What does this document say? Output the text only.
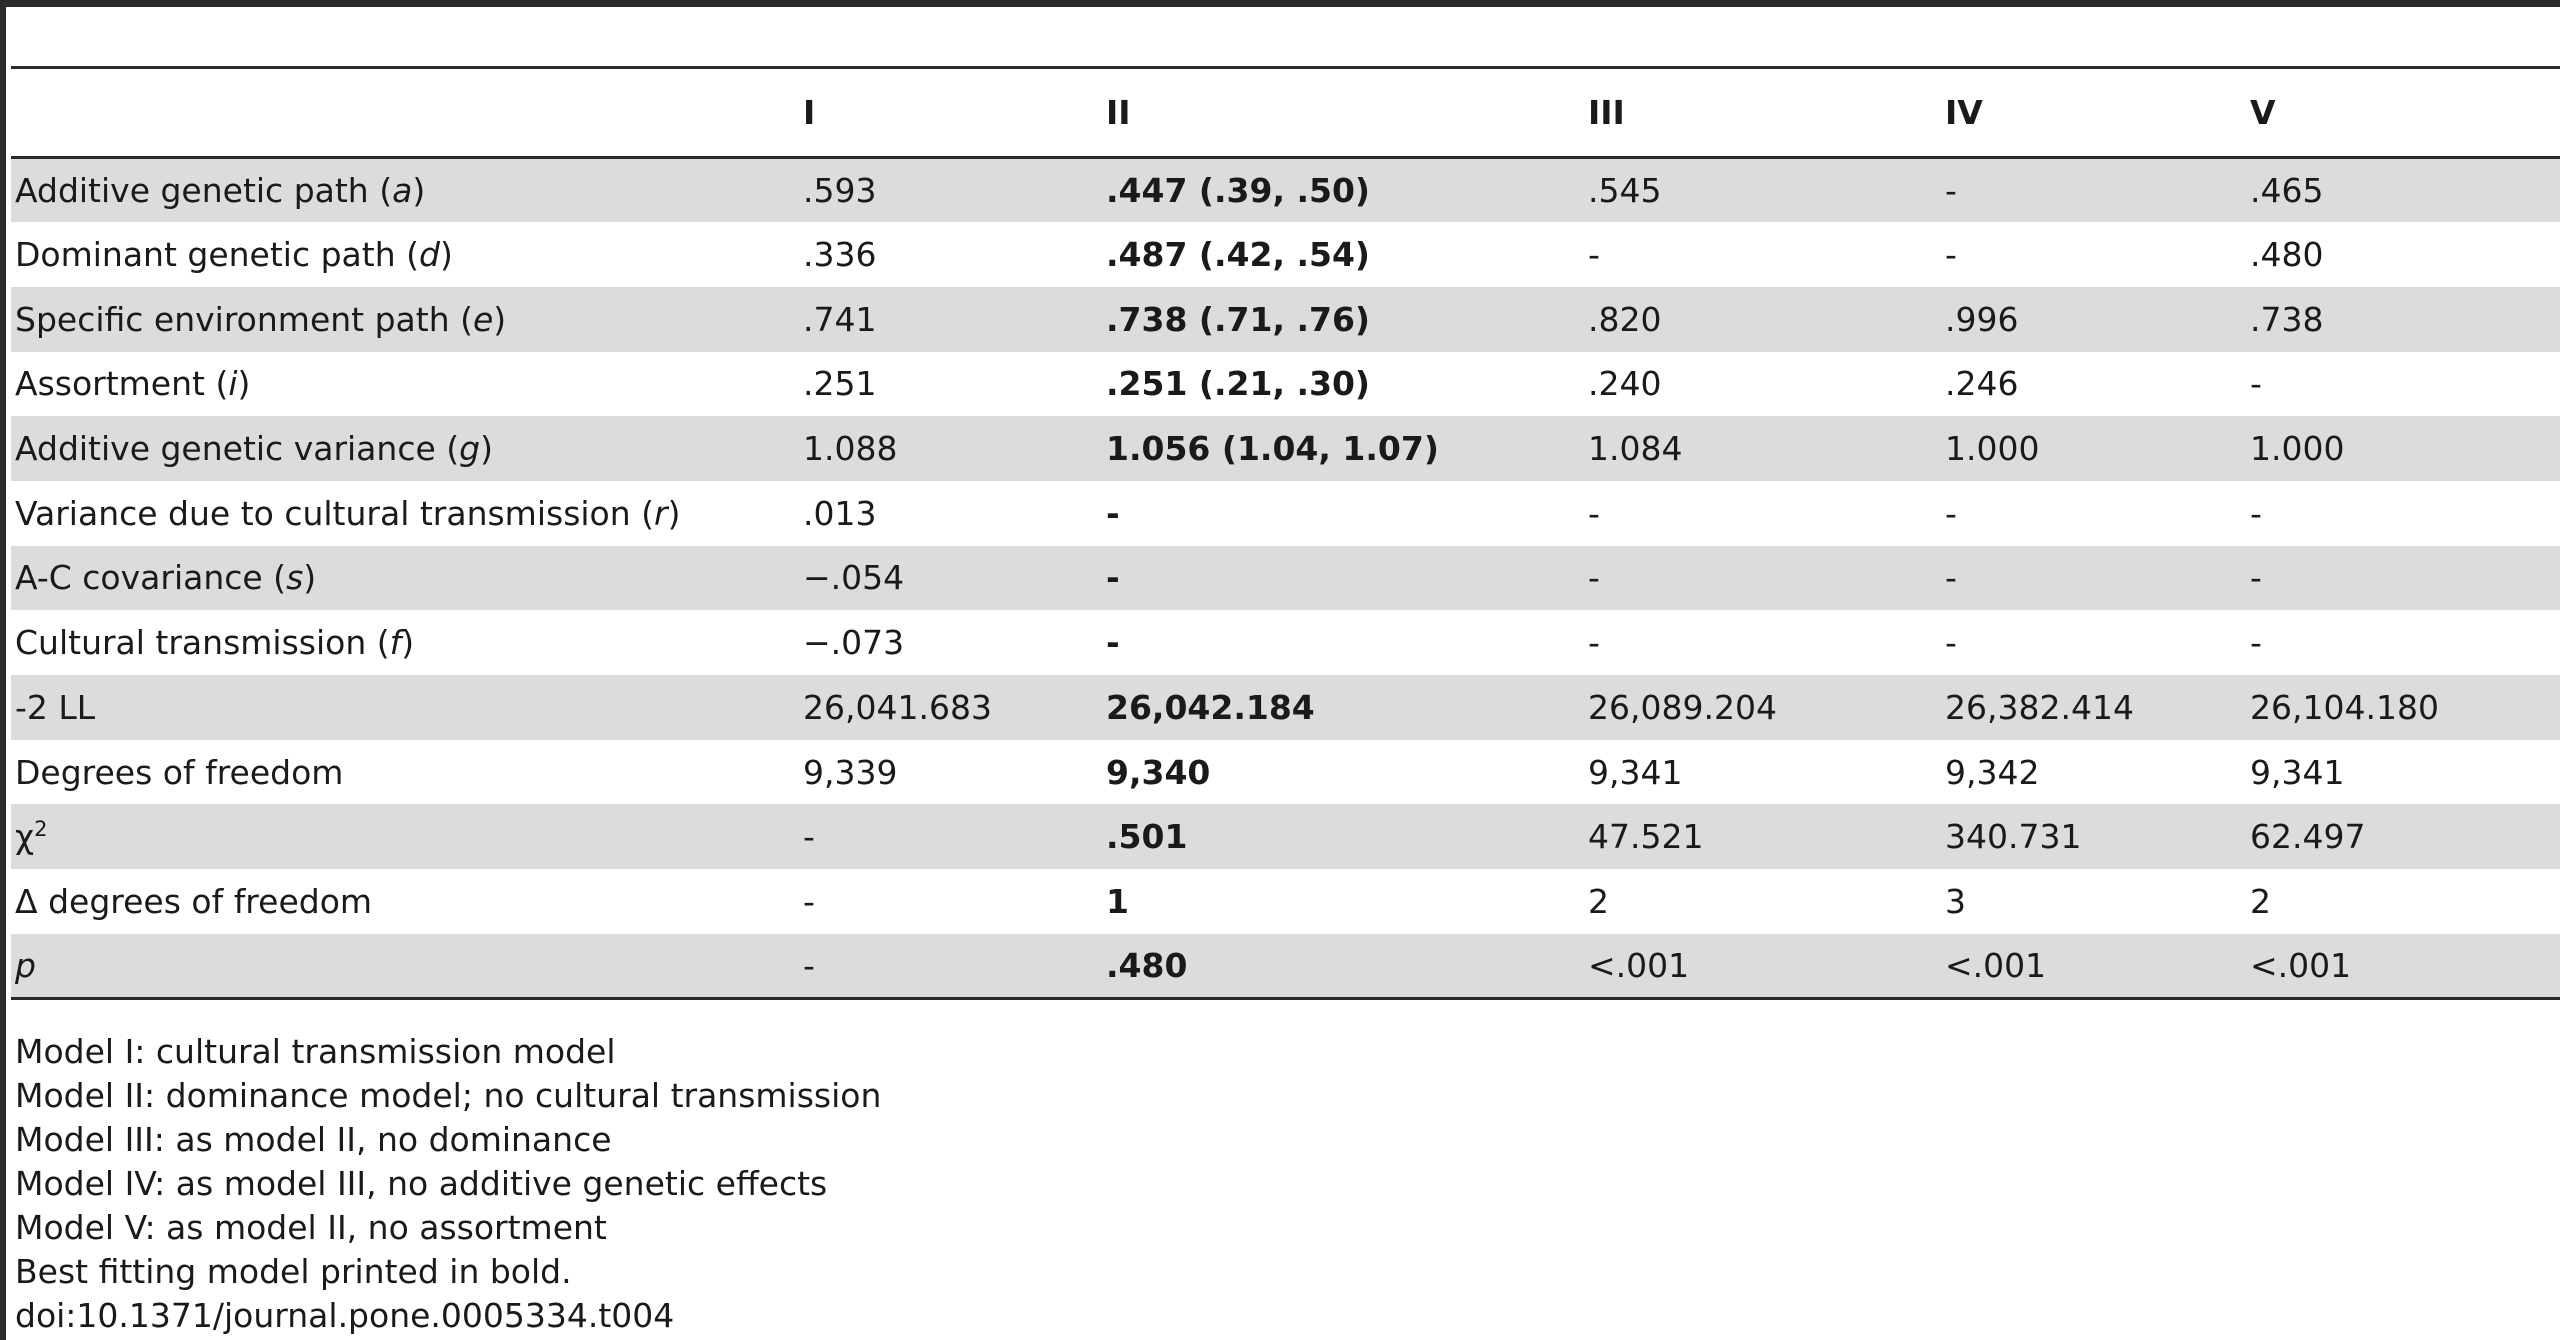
	I	II	III	IV	V
Additive genetic path (a)	.593	.447 (.39, .50)	.545	-	.465
Dominant genetic path (d)	.336	.487 (.42, .54)	-	-	.480
Specific environment path (e)	.741	.738 (.71, .76)	.820	.996	.738
Assortment (i)	.251	.251 (.21, .30)	.240	.246	-
Additive genetic variance (g)	1.088	1.056 (1.04, 1.07)	1.084	1.000	1.000
Variance due to cultural transmission (r)	.013	-	-	-	-
A-C covariance (s)	−.054	-	-	-	-
Cultural transmission (f)	−.073	-	-	-	-
-2 LL	26,041.683	26,042.184	26,089.204	26,382.414	26,104.180
Degrees of freedom	9,339	9,340	9,341	9,342	9,341
$\chi^2$	-	.501	47.521	340.731	62.497
Δ degrees of freedom	-	1	2	3	2
p	-	.480	<.001	<.001	<.001
Model I: cultural transmission model
Model II: dominance model; no cultural transmission
Model III: as model II, no dominance
Model IV: as model III, no additive genetic effects
Model V: as model II, no assortment
Best fitting model printed in bold.
doi:10.1371/journal.pone.0005334.t004
